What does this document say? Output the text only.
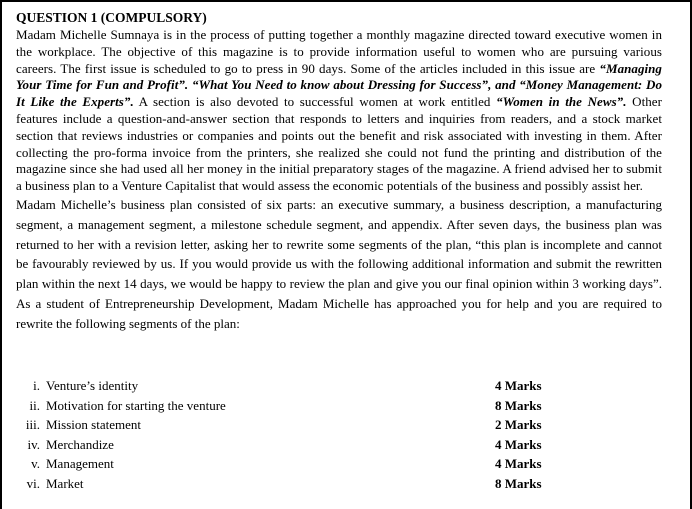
QUESTION 1 (COMPULSORY)

Madam Michelle Sumnaya is in the process of putting together a monthly magazine directed toward executive women in the workplace. The objective of this magazine is to provide information useful to women who are pursuing various careers. The first issue is scheduled to go to press in 90 days. Some of the articles included in this issue are “Managing Your Time for Fun and Profit”. “What You Need to know about Dressing for Success”, and “Money Management: Do It Like the Experts”. A section is also devoted to successful women at work entitled “Women in the News”. Other features include a question-and-answer section that responds to letters and inquiries from readers, and a stock market section that reviews industries or companies and points out the benefit and risk associated with investing in them. After collecting the pro-forma invoice from the printers, she realized she could not fund the printing and distribution of the magazine since she had used all her money in the initial preparatory stages of the magazine. A friend advised her to submit a business plan to a Venture Capitalist that would assess the economic potentials of the business and possibly assist her.

Madam Michelle’s business plan consisted of six parts: an executive summary, a business description, a manufacturing segment, a management segment, a milestone schedule segment, and appendix. After seven days, the business plan was returned to her with a revision letter, asking her to rewrite some segments of the plan, “this plan is incomplete and cannot be favourably reviewed by us. If you would provide us with the following additional information and submit the rewritten plan within the next 14 days, we would be happy to review the plan and give you our final opinion within 3 working days”. As a student of Entrepreneurship Development, Madam Michelle has approached you for help and you are required to rewrite the following segments of the plan:

i. Venture’s identity	4 Marks
ii. Motivation for starting the venture	8 Marks
iii. Mission statement	2 Marks
iv. Merchandize	4 Marks
v. Management	4 Marks
vi. Market	8 Marks
